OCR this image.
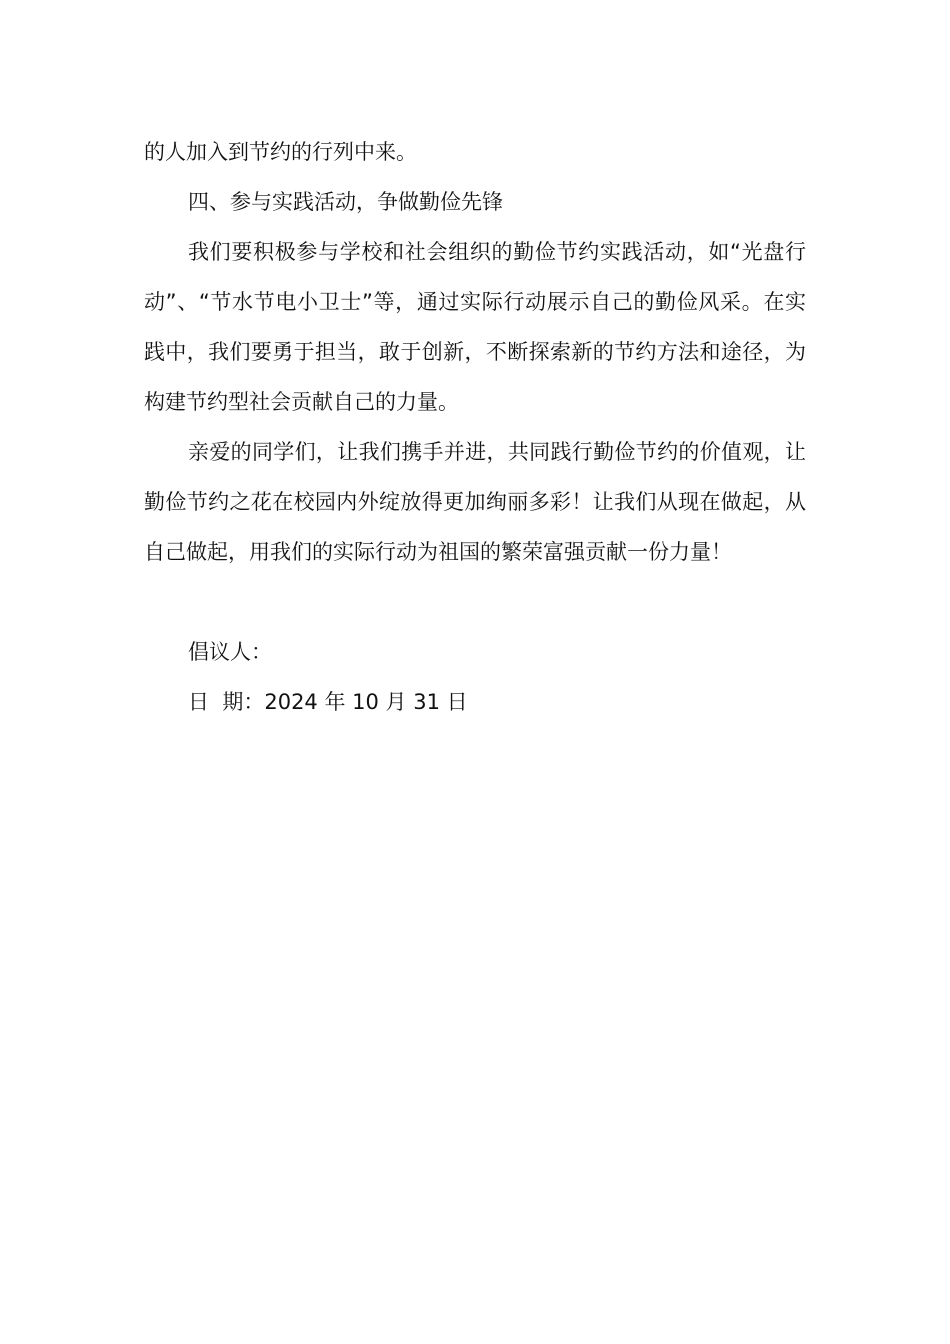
的人加入到节约的行列中来。

四、参与实践活动，争做勤俭先锋

我们要积极参与学校和社会组织的勤俭节约实践活动，如“光盘行动”、“节水节电小卫士”等，通过实际行动展示自己的勤俭风采。在实践中，我们要勇于担当，敢于创新，不断探索新的节约方法和途径，为构建节约型社会贡献自己的力量。

亲爱的同学们，让我们携手并进，共同践行勤俭节约的价值观，让勤俭节约之花在校园内外绽放得更加绚丽多彩！让我们从现在做起，从自己做起，用我们的实际行动为祖国的繁荣富强贡献一份力量！

倡议人：

日  期：2024 年 10 月 31 日
